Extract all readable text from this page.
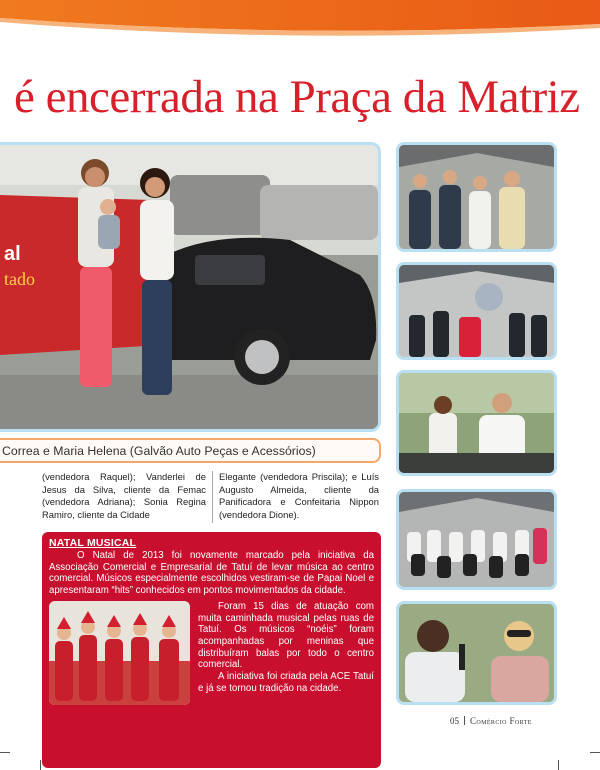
é encerrada na Praça da Matriz
al
tado
Correa e Maria Helena (Galvão Auto Peças e Acessórios)
(vendedora Raquel); Vanderlei de Jesus da Silva, cliente da Femac (vendedora Adriana); Sonia Regina Ramiro, cliente da Cidade
Elegante (vendedora Priscila); e Luís Augusto Almeida, cliente da Panificadora e Confeitaria Nippon (vendedora Dione).
NATAL MUSICAL

O Natal de 2013 foi novamente marcado pela iniciativa da Associação Comercial e Empresarial de Tatuí de levar música ao centro comercial. Músicos especialmente escolhidos vestiram-se de Papai Noel e apresentaram “hits” conhecidos em pontos movimentados da cidade.

Foram 15 dias de atuação com muita caminhada musical pelas ruas de Tatuí. Os músicos “noéis” foram acompanhadas por meninas que distribuíram balas por todo o centro comercial.

A iniciativa foi criada pela ACE Tatuí e já se tornou tradição na cidade.

05 Comércio Forte
